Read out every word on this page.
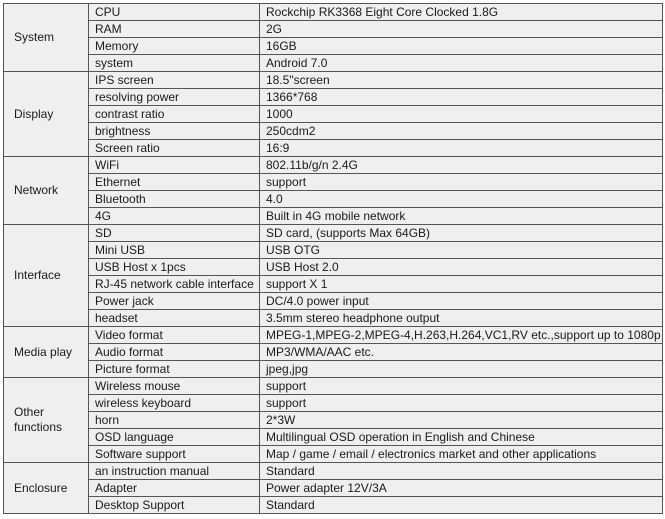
System	CPU	Rockchip RK3368 Eight Core Clocked 1.8G
	RAM	2G
	Memory	16GB
	system	Android 7.0
Display	IPS screen	18.5"screen
	resolving power	1366*768
	contrast ratio	1000
	brightness	250cdm2
	Screen ratio	16:9
Network	WiFi	802.11b/g/n 2.4G
	Ethernet	support
	Bluetooth	4.0
	4G	Built in 4G mobile network
Interface	SD	SD card, (supports Max 64GB)
	Mini USB	USB OTG
	USB Host x 1pcs	USB Host 2.0
	RJ-45 network cable interface	support X 1
	Power jack	DC/4.0 power input
	headset	3.5mm stereo headphone output
Media play	Video format	MPEG-1,MPEG-2,MPEG-4,H.263,H.264,VC1,RV etc.,support up to 1080p
	Audio format	MP3/WMA/AAC etc.
	Picture format	jpeg,jpg
Other functions	Wireless mouse	support
	wireless keyboard	support
	horn	2*3W
	OSD language	Multilingual OSD operation in English and Chinese
	Software support	Map / game / email / electronics market and other applications
Enclosure	an instruction manual	Standard
	Adapter	Power adapter 12V/3A
	Desktop Support	Standard
